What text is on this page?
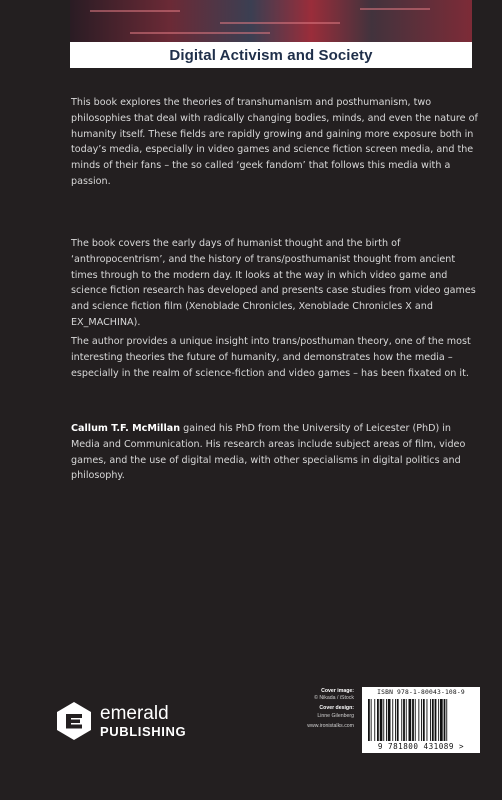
Digital Activism and Society

This book explores the theories of transhumanism and posthumanism, two philosophies that deal with radically changing bodies, minds, and even the nature of humanity itself. These fields are rapidly growing and gaining more exposure both in today’s media, especially in video games and science fiction screen media, and the minds of their fans – the so called ‘geek fandom’ that follows this media with a passion.

The book covers the early days of humanist thought and the birth of ‘anthropocentrism’, and the history of trans/posthumanist thought from ancient times through to the modern day. It looks at the way in which video game and science fiction research has developed and presents case studies from video games and science fiction film (Xenoblade Chronicles, Xenoblade Chronicles X and EX_MACHINA).

The author provides a unique insight into trans/posthuman theory, one of the most interesting theories the future of humanity, and demonstrates how the media – especially in the realm of science-fiction and video games – has been fixated on it.

Callum T.F. McMillan gained his PhD from the University of Leicester (PhD) in Media and Communication. His research areas include subject areas of film, video games, and the use of digital media, with other specialisms in digital politics and philosophy.

emerald
PUBLISHING
Cover image:
© Nikada / iStock
Cover design:
Linne Gilenberg
www.ironistalks.com
ISBN 978-1-80043-108-9
9 781800 431089 >
